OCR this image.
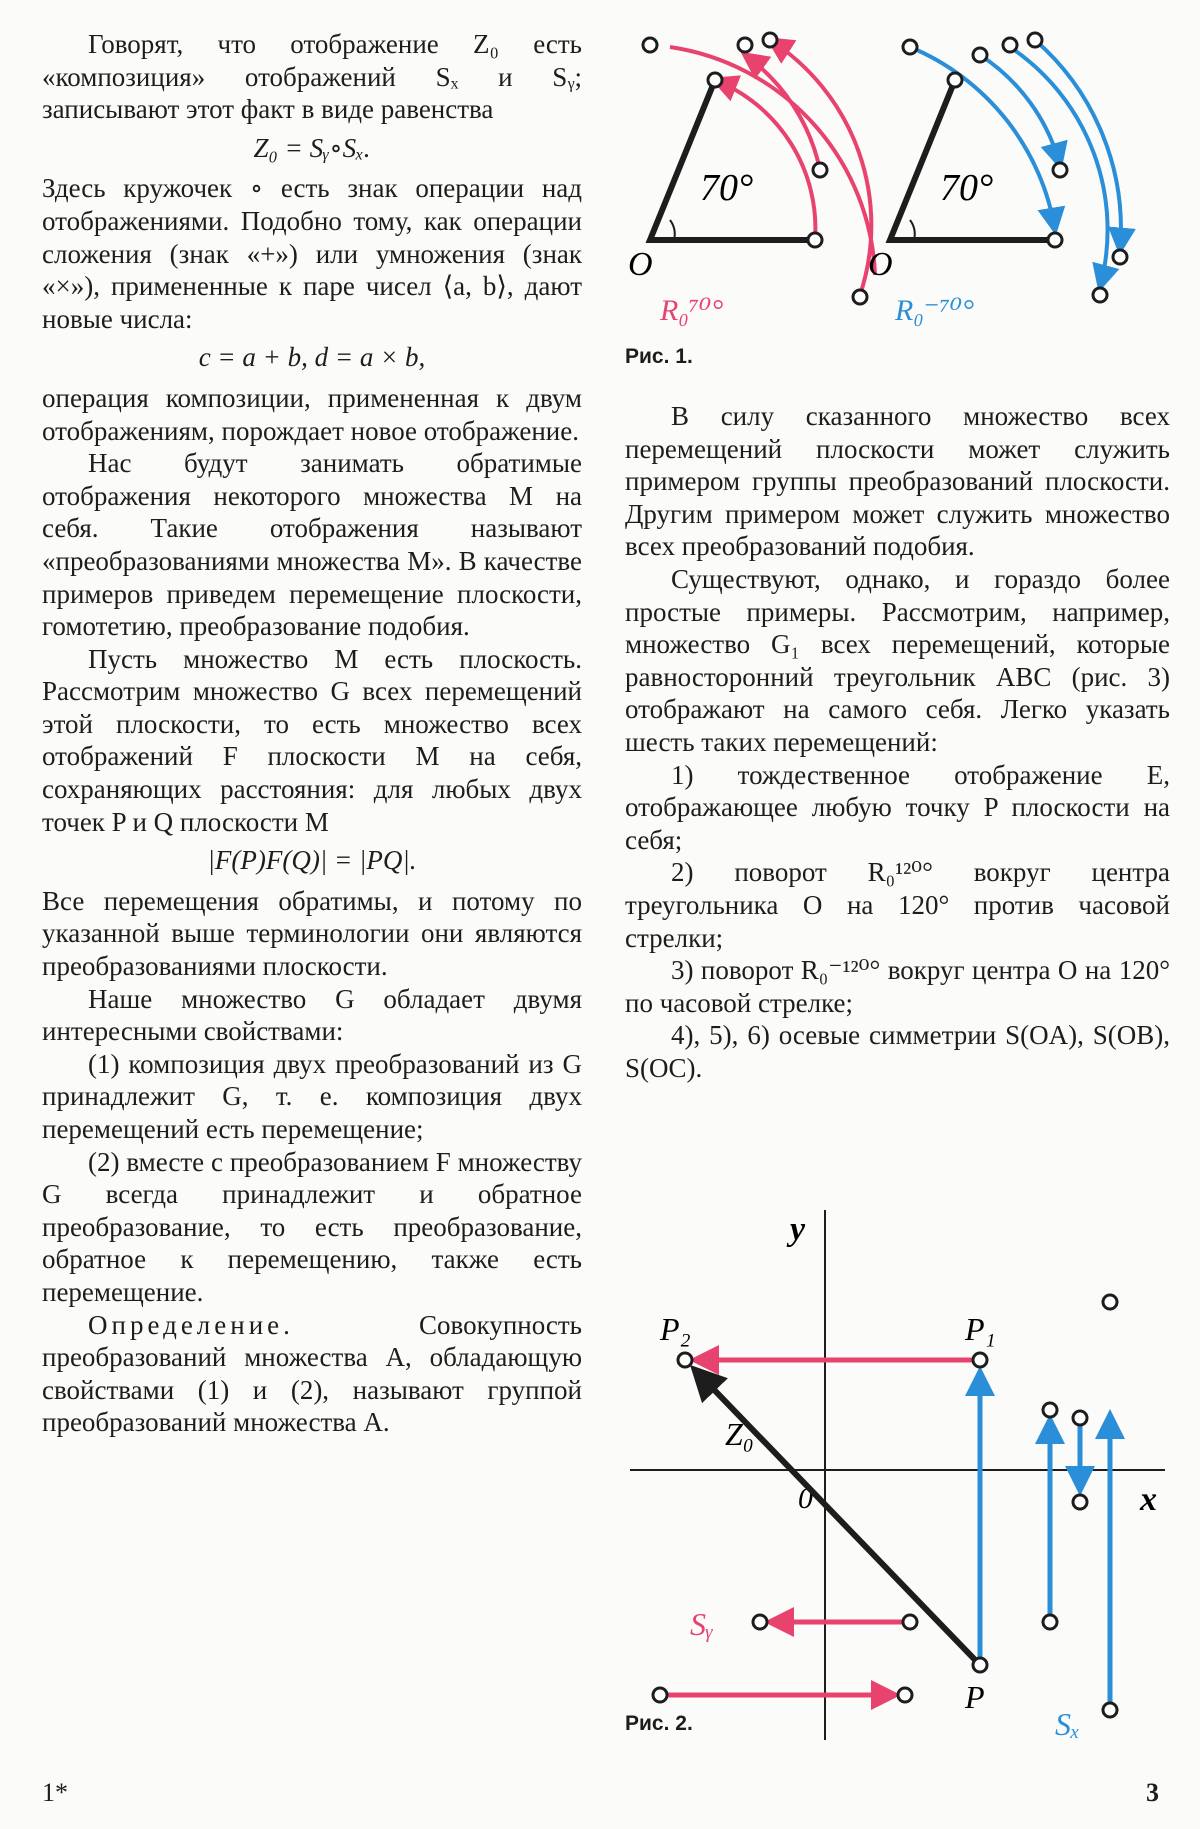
Говорят, что отображение Z₀ есть «композиция» отображений Sₓ и Sᵧ; записывают этот факт в виде равенства

Z₀ = Sᵧ∘Sₓ.

Здесь кружочек ∘ есть знак операции над отображениями. Подобно тому, как операции сложения (знак «+») или умножения (знак «×»), примененные к паре чисел ⟨a, b⟩, дают новые числа:

c = a + b, d = a × b,

операция композиции, примененная к двум отображениям, порождает новое отображение.

Нас будут занимать обратимые отображения некоторого множества M на себя. Такие отображения называют «преобразованиями множества M». В качестве примеров приведем перемещение плоскости, гомотетию, преобразование подобия.

Пусть множество M есть плоскость. Рассмотрим множество G всех перемещений этой плоскости, то есть множество всех отображений F плоскости M на себя, сохраняющих расстояния: для любых двух точек P и Q плоскости M

|F(P)F(Q)| = |PQ|.

Все перемещения обратимы, и потому по указанной выше терминологии они являются преобразованиями плоскости.

Наше множество G обладает двумя интересными свойствами:

(1) композиция двух преобразований из G принадлежит G, т. е. композиция двух перемещений есть перемещение;

(2) вместе с преобразованием F множеству G всегда принадлежит и обратное преобразование, то есть преобразование, обратное к перемещению, также есть перемещение.

Определение.	Совокупность преобразований множества A, обладающую свойствами (1) и (2), называют группой преобразований множества A.

70°
O
R₀⁷⁰°
70°
O
R₀⁻⁷⁰°
Рис. 1.

В силу сказанного множество всех перемещений плоскости может служить примером группы преобразований плоскости. Другим примером может служить множество всех преобразований подобия.

Существуют, однако, и гораздо более простые примеры. Рассмотрим, например, множество G₁ всех перемещений, которые равносторонний треугольник ABC (рис. 3) отображают на самого себя. Легко указать шесть таких перемещений:

1) тождественное отображение E, отображающее любую точку P плоскости на себя;

2) поворот R₀¹²⁰° вокруг центра треугольника O на 120° против часовой стрелки;

3) поворот R₀⁻¹²⁰° вокруг центра O на 120° по часовой стрелке;

4), 5), 6) осевые симметрии S(OA), S(OB), S(OC).

y
x
0
P₁
P₂
P
Z₀
Sᵧ
Sₓ
Рис. 2.
1*	3
